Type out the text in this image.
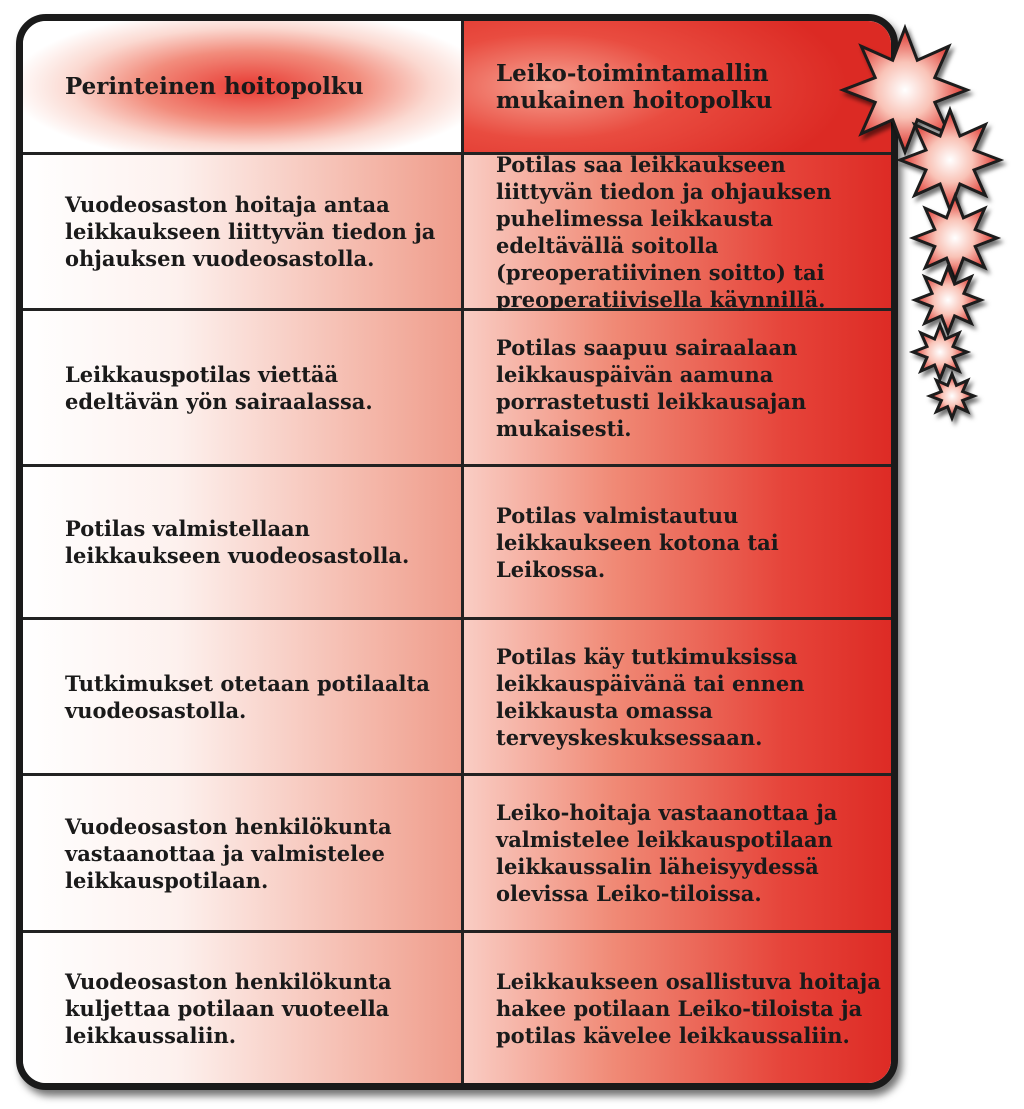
Perinteinen hoitopolku	Leiko-toimintamallin mukainen hoitopolku
Vuodeosaston hoitaja antaa leikkaukseen liittyvän tiedon ja ohjauksen vuodeosastolla.
Potilas saa leikkaukseen liittyvän tiedon ja ohjauksen puhelimessa leikkausta edeltävällä soitolla (preoperatiivinen soitto) tai preoperatiivisella käynnillä.
Leikkauspotilas viettää edeltävän yön sairaalassa.
Potilas saapuu sairaalaan leikkauspäivän aamuna porrastetusti leikkausajan mukaisesti.
Potilas valmistellaan leikkaukseen vuodeosastolla.
Potilas valmistautuu leikkaukseen kotona tai Leikossa.
Tutkimukset otetaan potilaalta vuodeosastolla.
Potilas käy tutkimuksissa leikkauspäivänä tai ennen leikkausta omassa terveyskeskuksessaan.
Vuodeosaston henkilökunta vastaanottaa ja valmistelee leikkauspotilaan.
Leiko-hoitaja vastaanottaa ja valmistelee leikkauspotilaan leikkaussalin läheisyydessä olevissa Leiko-tiloissa.
Vuodeosaston henkilökunta kuljettaa potilaan vuoteella leikkaussaliin.
Leikkaukseen osallistuva hoitaja hakee potilaan Leiko-tiloista ja potilas kävelee leikkaussaliin.
